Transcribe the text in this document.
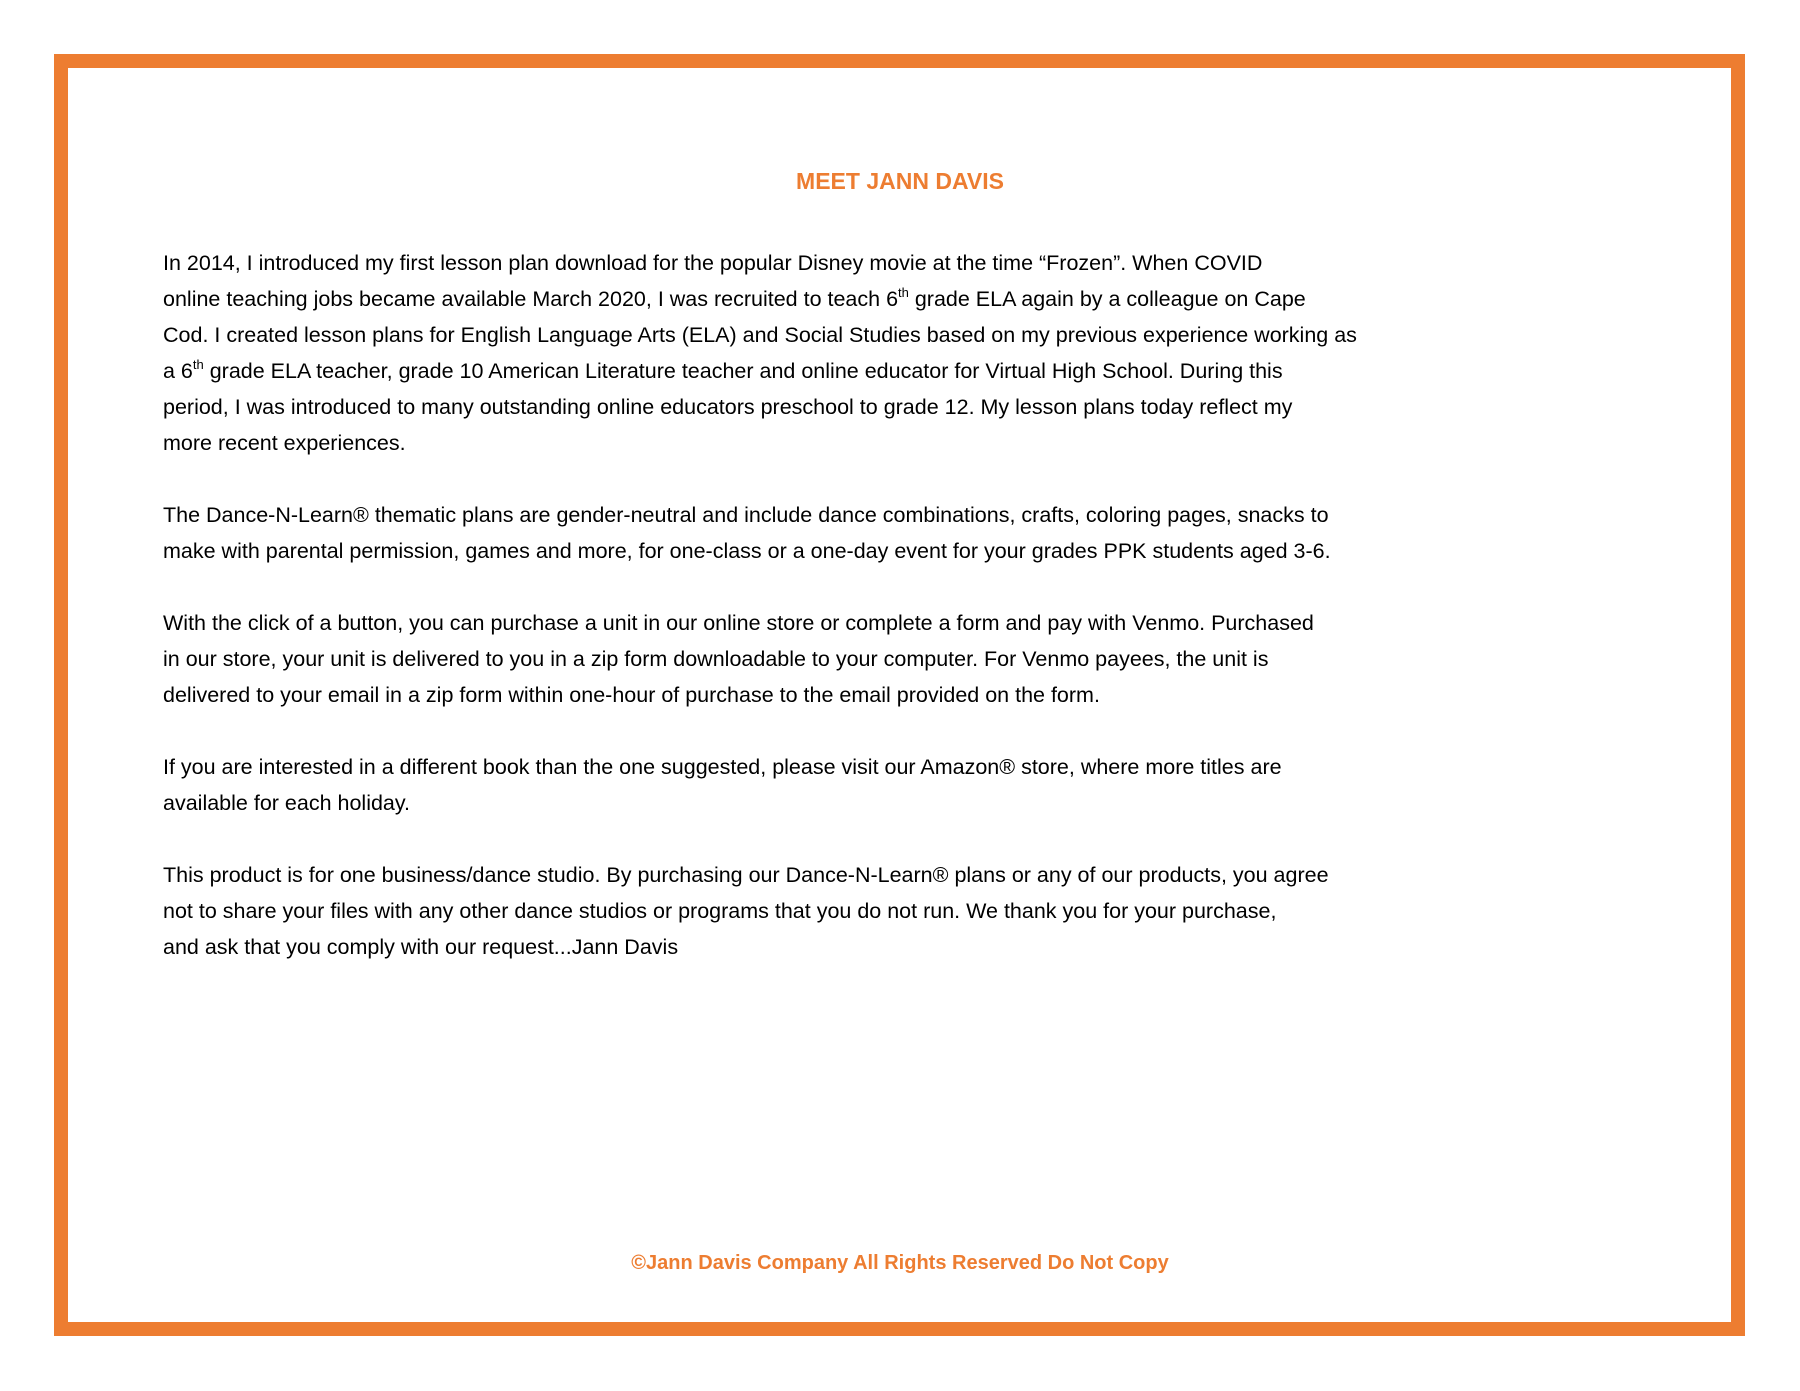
MEET JANN DAVIS
In 2014, I introduced my first lesson plan download for the popular Disney movie at the time “Frozen”. When COVID
online teaching jobs became available March 2020, I was recruited to teach 6th grade ELA again by a colleague on Cape
Cod. I created lesson plans for English Language Arts (ELA) and Social Studies based on my previous experience working as
a 6th grade ELA teacher, grade 10 American Literature teacher and online educator for Virtual High School. During this
period, I was introduced to many outstanding online educators preschool to grade 12. My lesson plans today reflect my
more recent experiences.
The Dance-N-Learn® thematic plans are gender-neutral and include dance combinations, crafts, coloring pages, snacks to
make with parental permission, games and more, for one-class or a one-day event for your grades PPK students aged 3-6.
With the click of a button, you can purchase a unit in our online store or complete a form and pay with Venmo. Purchased
in our store, your unit is delivered to you in a zip form downloadable to your computer. For Venmo payees, the unit is
delivered to your email in a zip form within one-hour of purchase to the email provided on the form.
If you are interested in a different book than the one suggested, please visit our Amazon® store, where more titles are
available for each holiday.
This product is for one business/dance studio. By purchasing our Dance-N-Learn® plans or any of our products, you agree
not to share your files with any other dance studios or programs that you do not run. We thank you for your purchase,
and ask that you comply with our request...Jann Davis
©Jann Davis Company All Rights Reserved Do Not Copy
